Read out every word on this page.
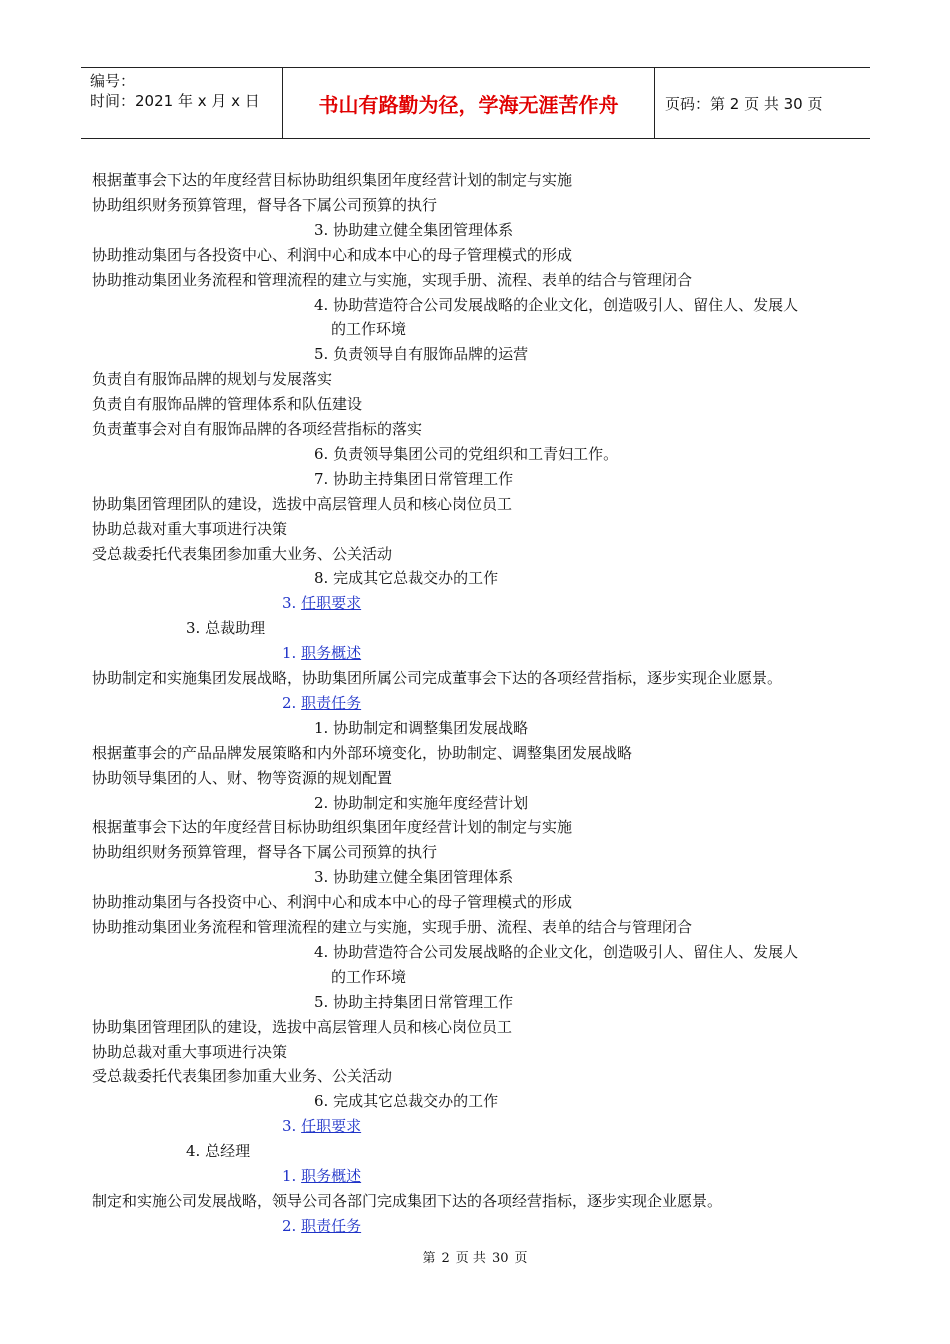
编号：
时间：2021 年 x 月 x 日	书山有路勤为径，学海无涯苦作舟	页码：第 2 页 共 30 页
根据董事会下达的年度经营目标协助组织集团年度经营计划的制定与实施
协助组织财务预算管理，督导各下属公司预算的执行
3. 协助建立健全集团管理体系
协助推动集团与各投资中心、利润中心和成本中心的母子管理模式的形成
协助推动集团业务流程和管理流程的建立与实施，实现手册、流程、表单的结合与管理闭合
4. 协助营造符合公司发展战略的企业文化，创造吸引人、留住人、发展人
的工作环境
5. 负责领导自有服饰品牌的运营
负责自有服饰品牌的规划与发展落实
负责自有服饰品牌的管理体系和队伍建设
负责董事会对自有服饰品牌的各项经营指标的落实
6. 负责领导集团公司的党组织和工青妇工作。
7. 协助主持集团日常管理工作
协助集团管理团队的建设，选拔中高层管理人员和核心岗位员工
协助总裁对重大事项进行决策
受总裁委托代表集团参加重大业务、公关活动
8. 完成其它总裁交办的工作
3. 任职要求
3. 总裁助理
1. 职务概述
协助制定和实施集团发展战略，协助集团所属公司完成董事会下达的各项经营指标，逐步实现企业愿景。
2. 职责任务
1. 协助制定和调整集团发展战略
根据董事会的产品品牌发展策略和内外部环境变化，协助制定、调整集团发展战略
协助领导集团的人、财、物等资源的规划配置
2. 协助制定和实施年度经营计划
根据董事会下达的年度经营目标协助组织集团年度经营计划的制定与实施
协助组织财务预算管理，督导各下属公司预算的执行
3. 协助建立健全集团管理体系
协助推动集团与各投资中心、利润中心和成本中心的母子管理模式的形成
协助推动集团业务流程和管理流程的建立与实施，实现手册、流程、表单的结合与管理闭合
4. 协助营造符合公司发展战略的企业文化，创造吸引人、留住人、发展人
的工作环境
5. 协助主持集团日常管理工作
协助集团管理团队的建设，选拔中高层管理人员和核心岗位员工
协助总裁对重大事项进行决策
受总裁委托代表集团参加重大业务、公关活动
6. 完成其它总裁交办的工作
3. 任职要求
4. 总经理
1. 职务概述
制定和实施公司发展战略，领导公司各部门完成集团下达的各项经营指标，逐步实现企业愿景。
2. 职责任务
第 2 页 共 30 页
